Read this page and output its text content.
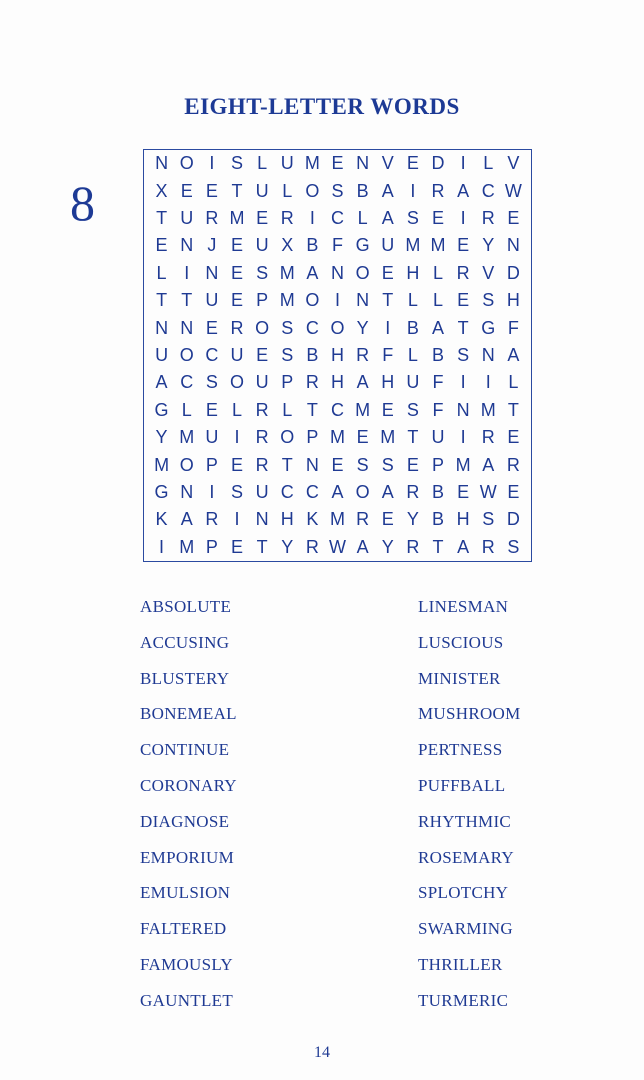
EIGHT-LETTER WORDS
8
N O I S L U M E N V E D I L V
X E E T U L O S B A I R A C W
T U R M E R I C L A S E I R E
E N J E U X B F G U M M E Y N
L I N E S M A N O E H L R V D
T T U E P M O I N T L L E S H
N N E R O S C O Y I B A T G F
U O C U E S B H R F L B S N A
A C S O U P R H A H U F I	I L
G L E L R L T C M E S F N M T
Y M U I R O P M E M T U I R E
M O P E R T N E S S E P M A R
G N I S U C C A O A R B E W E
K A R I N H K M R E Y B H S D
I M P E T Y R W A Y R T A R S
ABSOLUTE
ACCUSING
BLUSTERY
BONEMEAL
CONTINUE
CORONARY
DIAGNOSE
EMPORIUM
EMULSION
FALTERED
FAMOUSLY
GAUNTLET
LINESMAN
LUSCIOUS
MINISTER
MUSHROOM
PERTNESS
PUFFBALL
RHYTHMIC
ROSEMARY
SPLOTCHY
SWARMING
THRILLER
TURMERIC
14
